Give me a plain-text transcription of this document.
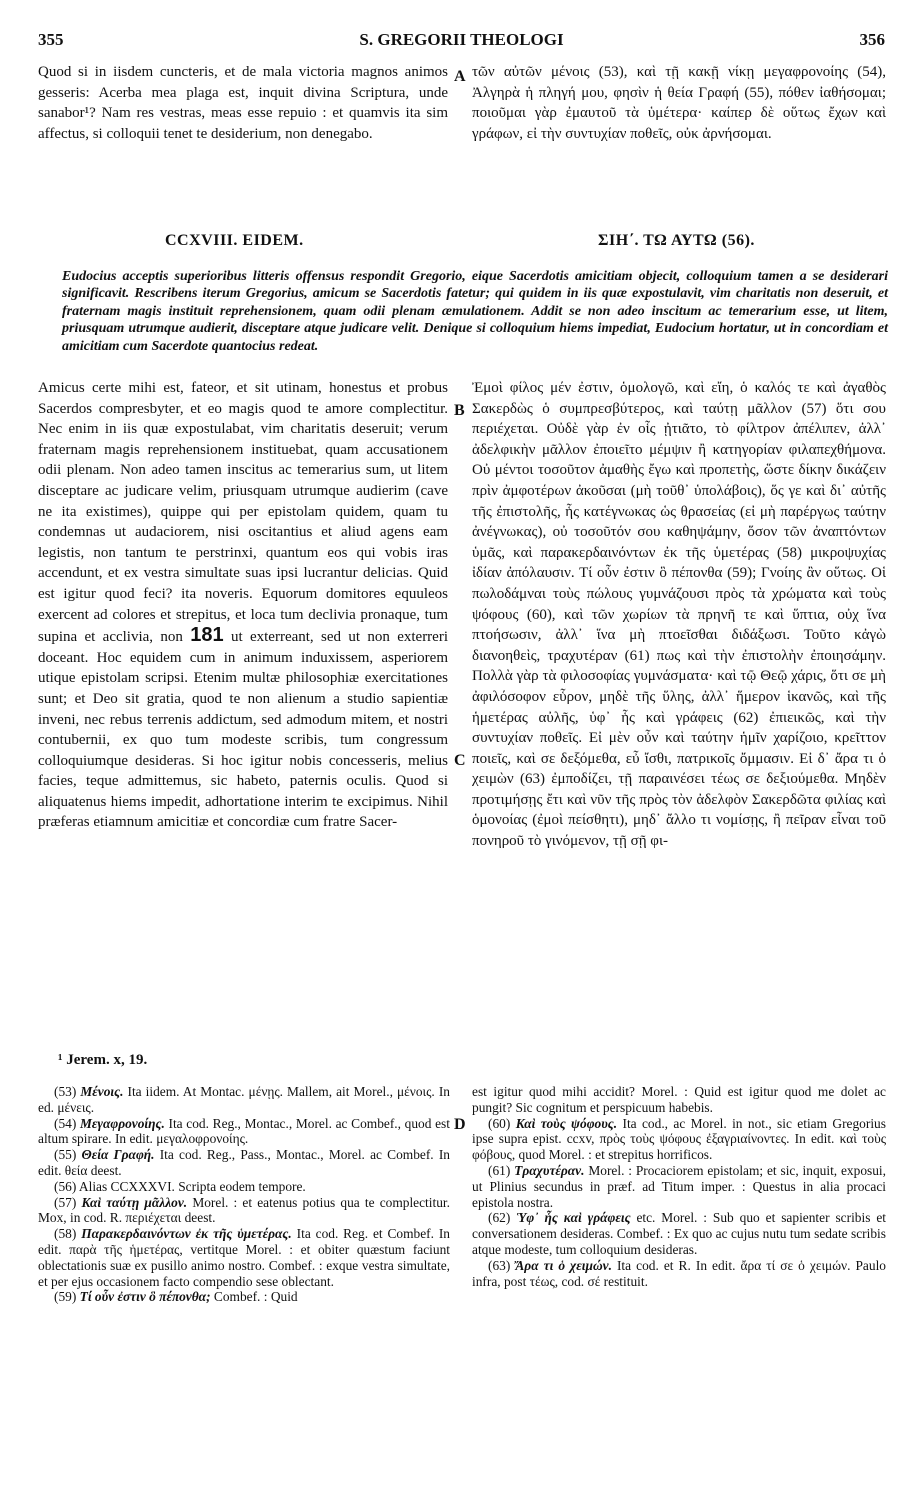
355	S. GREGORII THEOLOGI	356

Quod si in iisdem cuncteris, et de mala victoria magnos animos gesseris: Acerba mea plaga est, inquit divina Scriptura, unde sanabor¹? Nam res vestras, meas esse repuio : et quamvis ita sim affectus, si colloquii tenet te desiderium, non denegabo.

A τῶν αὐτῶν μένοις (53), καὶ τῇ κακῇ νίκῃ μεγαφρονοίης (54), Ἀλγηρὰ ἡ πληγή μου, φησὶν ἡ θεία Γραφή (55), πόθεν ἰαθήσομαι; ποιοῦμαι γὰρ ἐμαυτοῦ τὰ ὑμέτερα· καίπερ δὲ οὕτως ἔχων καὶ γράφων, εἰ τὴν συντυχίαν ποθεῖς, οὐκ ἀρνήσομαι.

CCXVIII. EIDEM.	ΣΙΗ΄. ΤΩ ΑΥΤΩ (56).

Eudocius acceptis superioribus litteris offensus respondit Gregorio, eique Sacerdotis amicitiam objecit, colloquium tamen a se desiderari significavit. Rescribens iterum Gregorius, amicum se Sacerdotis fatetur; qui quidem in iis quæ expostulavit, vim charitatis non deseruit, et fraternam magis instituit reprehensionem, quam odii plenam æmulationem. Addit se non adeo inscitum ac temerarium esse, ut litem, priusquam utrumque audierit, disceptare atque judicare velit. Denique si colloquium hiems impediat, Eudocium hortatur, ut in concordiam et amicitiam cum Sacerdote quantocius redeat.

Amicus certe mihi est, fateor, et sit utinam, honestus et probus Sacerdos compresbyter, et eo magis quod te amore complectitur. Nec enim in iis quæ expostulabat, vim charitatis deseruit; verum fraternam magis reprehensionem instituebat, quam accusationem odii plenam. Non adeo tamen inscitus ac temerarius sum, ut litem disceptare ac judicare velim, priusquam utrumque audierim (cave ne ita existimes), quippe qui per epistolam quidem, quam tu condemnas ut audaciorem, nisi oscitantius et aliud agens eam legistis, non tantum te perstrinxi, quantum eos qui vobis iras accendunt, et ex vestra simultate suas ipsi lucrantur delicias. Quid est igitur quod feci? ita noveris. Equorum domitores equuleos exercent ad colores et strepitus, et loca tum declivia pronaque, tum supina et acclivia, non 181 ut exterreant, sed ut non exterreri doceant. Hoc equidem cum in animum induxissem, asperiorem utique epistolam scripsi. Etenim multæ philosophiæ exercitationes sunt; et Deo sit gratia, quod te non alienum a studio sapientiæ inveni, nec rebus terrenis addictum, sed admodum mitem, et nostri contubernii, ex quo tum modeste scribis, tum congressum colloquiumque desideras. Si hoc igitur nobis concesseris, melius facies, teque admittemus, sic habeto, paternis oculis. Quod si aliquatenus hiems impedit, adhortatione interim te excipimus. Nihil præferas etiamnum amicitiæ et concordiæ cum fratre Sacer-

B
C

Ἐμοὶ φίλος μέν ἐστιν, ὁμολογῶ, καὶ εἴη, ὁ καλός τε καὶ ἀγαθὸς Σακερδὼς ὁ συμπρεσβύτερος, καὶ ταύτῃ μᾶλλον (57) ὅτι σου περιέχεται. Οὐδὲ γὰρ ἐν οἷς ᾐτιᾶτο, τὸ φίλτρον ἀπέλιπεν, ἀλλ᾽ ἀδελφικὴν μᾶλλον ἐποιεῖτο μέμψιν ἢ κατηγορίαν φιλαπεχθήμονα. Οὐ μέντοι τοσοῦτον ἀμαθὴς ἔγω καὶ προπετὴς, ὥστε δίκην δικάζειν πρὶν ἀμφοτέρων ἀκοῦσαι (μὴ τοῦθ᾽ ὑπολάβοις), ὅς γε καὶ δι᾽ αὐτῆς τῆς ἐπιστολῆς, ἧς κατέγνωκας ὡς θρασείας (εἰ μὴ παρέργως ταύτην ἀνέγνωκας), οὐ τοσοῦτόν σου καθηψάμην, ὅσον τῶν ἀναπτόντων ὑμᾶς, καὶ παρακερδαινόντων ἐκ τῆς ὑμετέρας (58) μικροψυχίας ἰδίαν ἀπόλαυσιν. Τί οὖν ἐστιν ὃ πέπονθα (59); Γνοίης ἂν οὕτως. Οἱ πωλοδάμναι τοὺς πώλους γυμνάζουσι πρὸς τὰ χρώματα καὶ τοὺς ψόφους (60), καὶ τῶν χωρίων τὰ πρηνῆ τε καὶ ὕπτια, οὐχ ἵνα πτοήσωσιν, ἀλλ᾽ ἵνα μὴ πτοεῖσθαι διδάξωσι. Τοῦτο κἀγὼ διανοηθεὶς, τραχυτέραν (61) πως καὶ τὴν ἐπιστολὴν ἐποιησάμην. Πολλὰ γὰρ τὰ φιλοσοφίας γυμνάσματα· καὶ τῷ Θεῷ χάρις, ὅτι σε μὴ ἀφιλόσοφον εὗρον, μηδὲ τῆς ὕλης, ἀλλ᾽ ἥμερον ἱκανῶς, καὶ τῆς ἡμετέρας αὐλῆς, ὑφ᾽ ἧς καὶ γράφεις (62) ἐπιεικῶς, καὶ τὴν συντυχίαν ποθεῖς. Εἰ μὲν οὖν καὶ ταύτην ἡμῖν χαρίζοιο, κρεῖττον ποιεῖς, καὶ σε δεξόμεθα, εὖ ἴσθι, πατρικοῖς ὄμμασιν. Εἰ δ᾽ ἄρα τι ὁ χειμὼν (63) ἐμποδίζει, τῇ παραινέσει τέως σε δεξιούμεθα. Μηδὲν προτιμήσῃς ἔτι καὶ νῦν τῆς πρὸς τὸν ἀδελφὸν Σακερδῶτα φιλίας καὶ ὁμονοίας (ἐμοὶ πείσθητι), μηδ᾽ ἄλλο τι νομίσῃς, ἢ πεῖραν εἶναι τοῦ πονηροῦ τὸ γινόμενον, τῇ σῇ φι-

¹ Jerem. x, 19.

(53) Μένοις. Ita iidem. At Montac. μένῃς. Mallem, ait Morel., μένοις. In ed. μένεις.

(54) Μεγαφρονοίης. Ita cod. Reg., Montac., Morel. ac Combef., quod est altum spirare. In edit. μεγαλοφρονοίης.

(55) Θεία Γραφή. Ita cod. Reg., Pass., Montac., Morel. ac Combef. In edit. θεία deest.

(56) Alias CCXXXVI. Scripta eodem tempore.

(57) Καὶ ταύτῃ μᾶλλον. Morel. : et eatenus potius qua te complectitur. Mox, in cod. R. περιέχεται deest.

(58) Παρακερδαινόντων ἐκ τῆς ὑμετέρας. Ita cod. Reg. et Combef. In edit. παρὰ τῆς ἡμετέρας, vertitque Morel. : et obiter quæstum faciunt oblectationis suæ ex pusillo animo nostro. Combef. : exque vestra simultate, et per ejus occasionem facto compendio sese oblectant.

(59) Τί οὖν ἐστιν ὃ πέπονθα; Combef. : Quid

D

est igitur quod mihi accidit? Morel. : Quid est igitur quod me dolet ac pungit? Sic cognitum et perspicuum habebis.

(60) Καὶ τοὺς ψόφους. Ita cod., ac Morel. in not., sic etiam Gregorius ipse supra epist. ccxv, πρὸς τοὺς ψόφους ἐξαγριαίνοντες. In edit. καὶ τοὺς φόβους, quod Morel. : et strepitus horrificos.

(61) Τραχυτέραν. Morel. : Procaciorem epistolam; et sic, inquit, exposui, ut Plinius secundus in præf. ad Titum imper. : Questus in alia procaci epistola nostra.

(62) Ὑφ᾽ ἧς καὶ γράφεις etc. Morel. : Sub quo et sapienter scribis et conversationem desideras. Combef. : Ex quo ac cujus nutu tum sedate scribis atque modeste, tum colloquium desideras.

(63) Ἄρα τι ὁ χειμών. Ita cod. et R. In edit. ἄρα τί σε ὁ χειμών. Paulo infra, post τέως, cod. σέ restituit.
